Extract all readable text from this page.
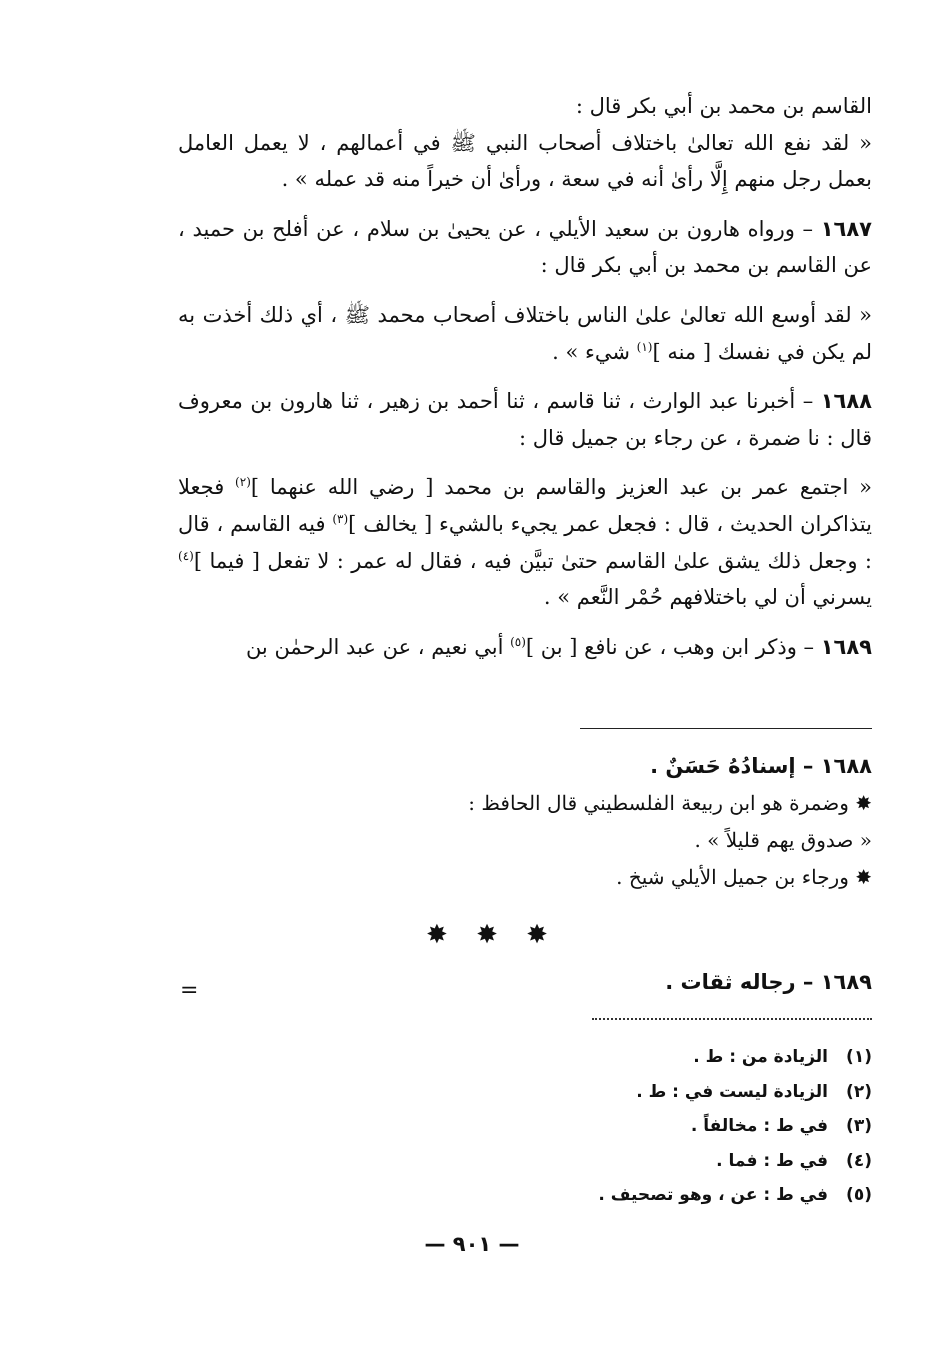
القاسم بن محمد بن أبي بكر قال :

« لقد نفع الله تعالىٰ باختلاف أصحاب النبي ﷺ في أعمالهم ، لا يعمل العامل بعمل رجل منهم إِلَّا رأىٰ أنه في سعة ، ورأىٰ أن خيراً منه قد عمله » .

١٦٨٧ – ورواه هارون بن سعيد الأيلي ، عن يحيىٰ بن سلام ، عن أفلح بن حميد ، عن القاسم بن محمد بن أبي بكر قال :

« لقد أوسع الله تعالىٰ علىٰ الناس باختلاف أصحاب محمد ﷺ ، أي ذلك أخذت به لم يكن في نفسك [ منه ]$^{(١)}$ شيء » .

١٦٨٨ – أخبرنا عبد الوارث ، ثنا قاسم ، ثنا أحمد بن زهير ، ثنا هارون بن معروف قال : نا ضمرة ، عن رجاء بن جميل قال :

« اجتمع عمر بن عبد العزيز والقاسم بن محمد [ رضي الله عنهما ]$^{(٢)}$ فجعلا يتذاكران الحديث ، قال : فجعل عمر يجيء بالشيء [ يخالف ]$^{(٣)}$ فيه القاسم ، قال : وجعل ذلك يشق علىٰ القاسم حتىٰ تبيَّن فيه ، فقال له عمر : لا تفعل [ فيما ]$^{(٤)}$ يسرني أن لي باختلافهم حُمْر النَّعم » .

١٦٨٩ – وذكر ابن وهب ، عن نافع [ بن ]$^{(٥)}$ أبي نعيم ، عن عبد الرحمٰن بن

١٦٨٨ – إسنادُهُ حَسَنٌ .

✸ وضمرة هو ابن ربيعة الفلسطيني قال الحافظ :

« صدوق يهم قليلاً » .

✸ ورجاء بن جميل الأيلي شيخ .

✸ ✸ ✸
١٦٨٩ – رجاله ثقات .
=
(١)
الزيادة من : ط .
(٢)
الزيادة ليست في : ط .
(٣)
في ط : مخالفاً .
(٤)
في ط : فما .
(٥)
في ط : عن ، وهو تصحيف .
— ٩٠١ —
